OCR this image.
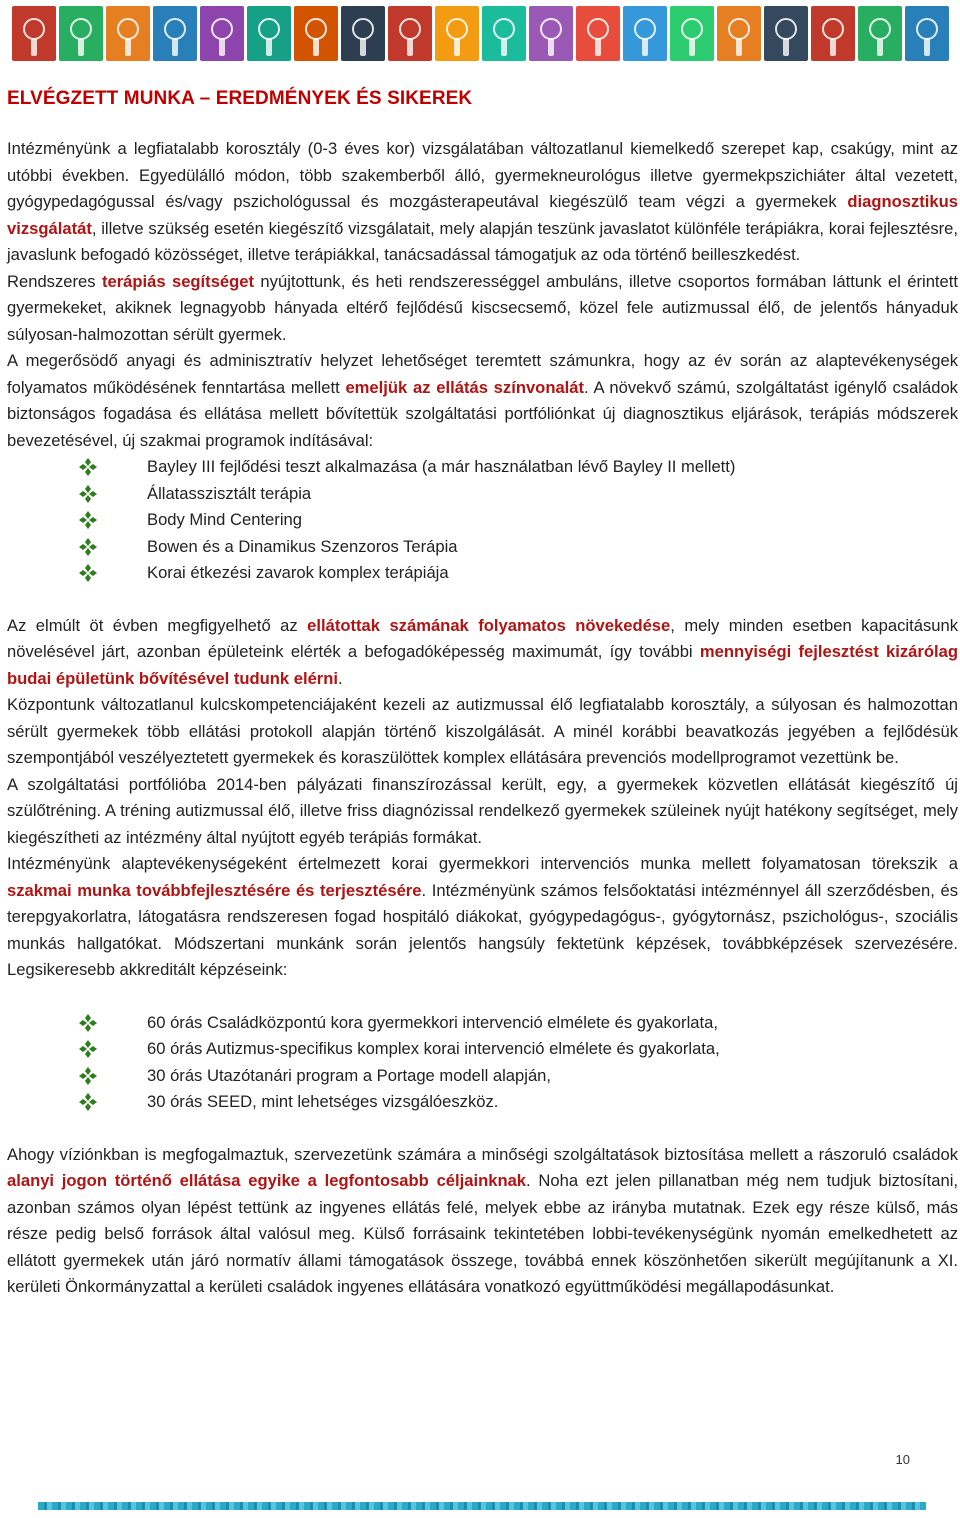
ELVÉGZETT MUNKA – EREDMÉNYEK ÉS SIKEREK

Intézményünk a legfiatalabb korosztály (0-3 éves kor) vizsgálatában változatlanul kiemelkedő szerepet kap, csakúgy, mint az utóbbi években. Egyedülálló módon, több szakemberből álló, gyermekneurológus illetve gyermekpszichiáter által vezetett, gyógypedagógussal és/vagy pszichológussal és mozgásterapeutával kiegészülő team végzi a gyermekek diagnosztikus vizsgálatát, illetve szükség esetén kiegészítő vizsgálatait, mely alapján teszünk javaslatot különféle terápiákra, korai fejlesztésre, javaslunk befogadó közösséget, illetve terápiákkal, tanácsadással támogatjuk az oda történő beilleszkedést.

Rendszeres terápiás segítséget nyújtottunk, és heti rendszerességgel ambuláns, illetve csoportos formában láttunk el érintett gyermekeket, akiknek legnagyobb hányada eltérő fejlődésű kiscsecsemő, közel fele autizmussal élő, de jelentős hányaduk súlyosan-halmozottan sérült gyermek.

A megerősödő anyagi és adminisztratív helyzet lehetőséget teremtett számunkra, hogy az év során az alaptevékenységek folyamatos működésének fenntartása mellett emeljük az ellátás színvonalát. A növekvő számú, szolgáltatást igénylő családok biztonságos fogadása és ellátása mellett bővítettük szolgáltatási portfóliónkat új diagnosztikus eljárások, terápiás módszerek bevezetésével, új szakmai programok indításával:

Bayley III fejlődési teszt alkalmazása (a már használatban lévő Bayley II mellett)
Állatasszisztált terápia
Body Mind Centering
Bowen és a Dinamikus Szenzoros Terápia
Korai étkezési zavarok komplex terápiája

Az elmúlt öt évben megfigyelhető az ellátottak számának folyamatos növekedése, mely minden esetben kapacitásunk növelésével járt, azonban épületeink elérték a befogadóképesség maximumát, így további mennyiségi fejlesztést kizárólag budai épületünk bővítésével tudunk elérni.

Központunk változatlanul kulcskompetenciájaként kezeli az autizmussal élő legfiatalabb korosztály, a súlyosan és halmozottan sérült gyermekek több ellátási protokoll alapján történő kiszolgálását. A minél korábbi beavatkozás jegyében a fejlődésük szempontjából veszélyeztetett gyermekek és koraszülöttek komplex ellátására prevenciós modellprogramot vezettünk be.

A szolgáltatási portfólióba 2014-ben pályázati finanszírozással került, egy, a gyermekek közvetlen ellátását kiegészítő új szülőtréning. A tréning autizmussal élő, illetve friss diagnózissal rendelkező gyermekek szüleinek nyújt hatékony segítséget, mely kiegészítheti az intézmény által nyújtott egyéb terápiás formákat.

Intézményünk alaptevékenységeként értelmezett korai gyermekkori intervenciós munka mellett folyamatosan törekszik a szakmai munka továbbfejlesztésére és terjesztésére. Intézményünk számos felsőoktatási intézménnyel áll szerződésben, és terepgyakorlatra, látogatásra rendszeresen fogad hospitáló diákokat, gyógypedagógus-, gyógytornász, pszichológus-, szociális munkás hallgatókat. Módszertani munkánk során jelentős hangsúly fektetünk képzések, továbbképzések szervezésére. Legsikeresebb akkreditált képzéseink:

60 órás Családközpontú kora gyermekkori intervenció elmélete és gyakorlata,
60 órás Autizmus-specifikus komplex korai intervenció elmélete és gyakorlata,
30 órás Utazótanári program a Portage modell alapján,
30 órás SEED, mint lehetséges vizsgálóeszköz.

Ahogy víziónkban is megfogalmaztuk, szervezetünk számára a minőségi szolgáltatások biztosítása mellett a rászoruló családok alanyi jogon történő ellátása egyike a legfontosabb céljainknak. Noha ezt jelen pillanatban még nem tudjuk biztosítani, azonban számos olyan lépést tettünk az ingyenes ellátás felé, melyek ebbe az irányba mutatnak. Ezek egy része külső, más része pedig belső források által valósul meg. Külső forrásaink tekintetében lobbi-tevékenységünk nyomán emelkedhetett az ellátott gyermekek után járó normatív állami támogatások összege, továbbá ennek köszönhetően sikerült megújítanunk a XI. kerületi Önkormányzattal a kerületi családok ingyenes ellátására vonatkozó együttműködési megállapodásunkat.

10
